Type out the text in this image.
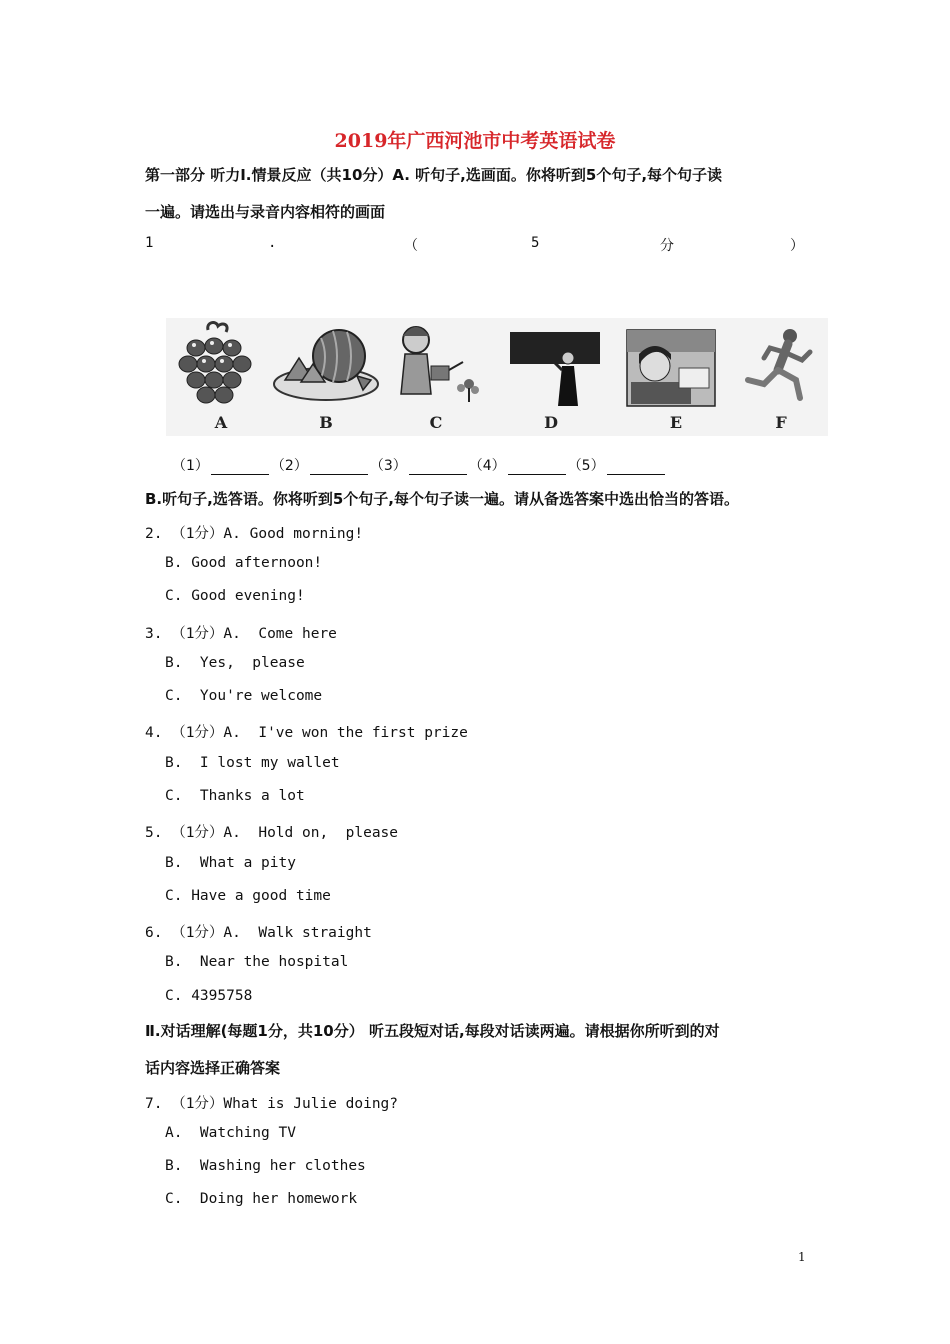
2019年广西河池市中考英语试卷
第一部分 听力Ⅰ.情景反应（共10分）A. 听句子,选画面。你将听到5个句子,每个句子读
一遍。请选出与录音内容相符的画面
1	.	（	5	分	）
A	B	C	D	E	F
（1）	（2）	（3）	（4）	（5）
B.听句子,选答语。你将听到5个句子,每个句子读一遍。请从备选答案中选出恰当的答语。
2. （1分）A. Good morning!
B. Good afternoon!
C. Good evening!
3. （1分）A.  Come here
B.  Yes,  please
C.  You're welcome
4. （1分）A.  I've won the first prize
B.  I lost my wallet
C.  Thanks a lot
5. （1分）A.  Hold on,  please
B.  What a pity
C. Have a good time
6. （1分）A.  Walk straight
B.  Near the hospital
C. 4395758
Ⅱ.对话理解(每题1分，共10分） 听五段短对话,每段对话读两遍。请根据你所听到的对
话内容选择正确答案
7. （1分）What is Julie doing?
A.  Watching TV
B.  Washing her clothes
C.  Doing her homework
1
